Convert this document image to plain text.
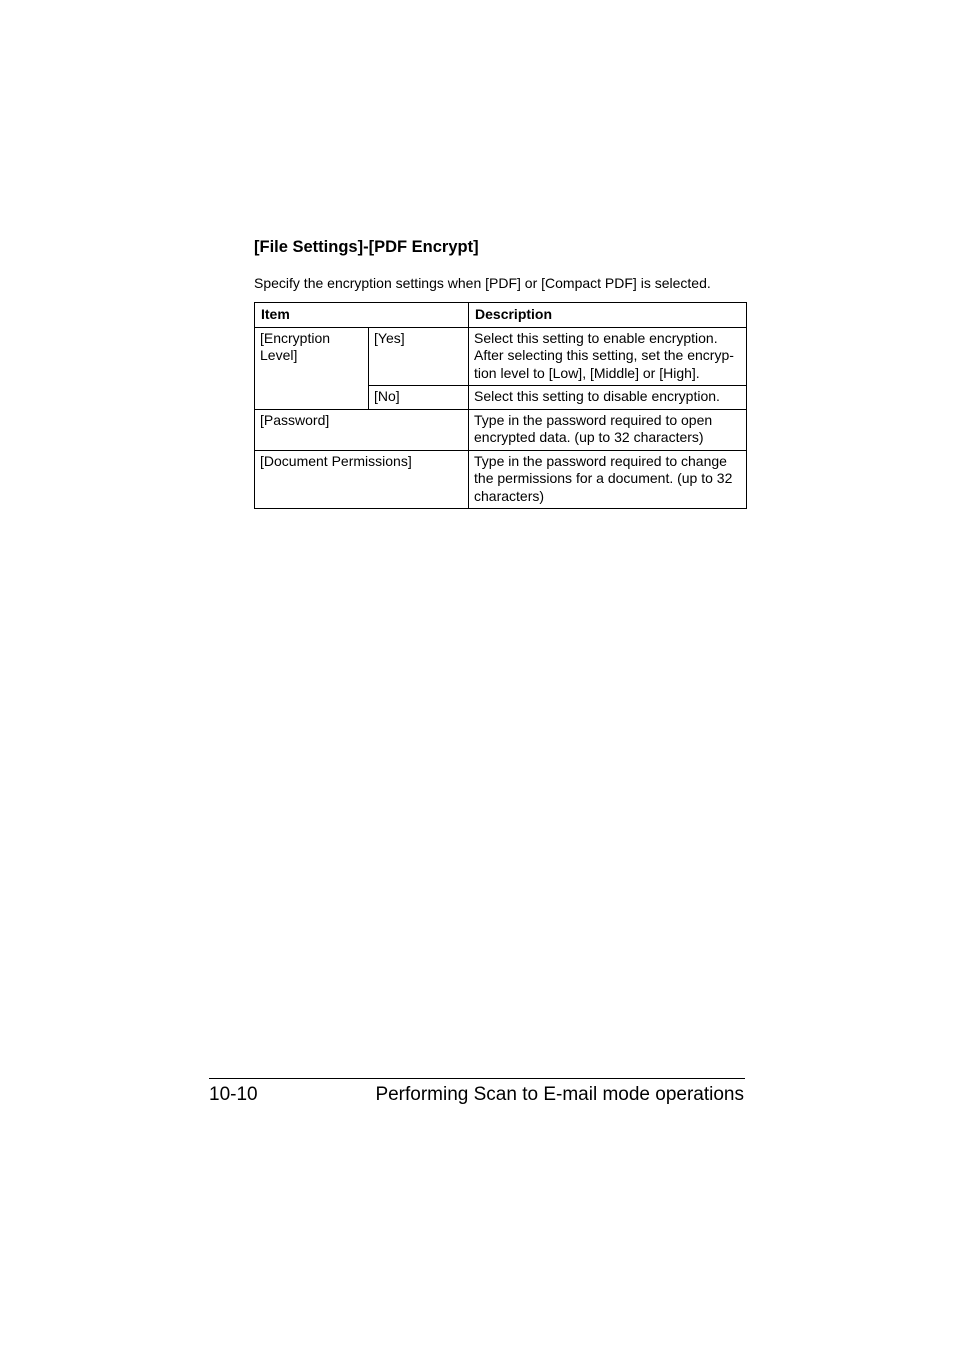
[File Settings]-[PDF Encrypt]

Specify the encryption settings when [PDF] or [Compact PDF] is selected.

Item		Description
[Encryption Level]	[Yes]	Select this setting to enable encryption. After selecting this setting, set the encryp-tion level to [Low], [Middle] or [High].
	[No]	Select this setting to disable encryption.
[Password]		Type in the password required to open encrypted data. (up to 32 characters)
[Document Permissions]		Type in the password required to change the permissions for a document. (up to 32 characters)
10-10	Performing Scan to E-mail mode operations
